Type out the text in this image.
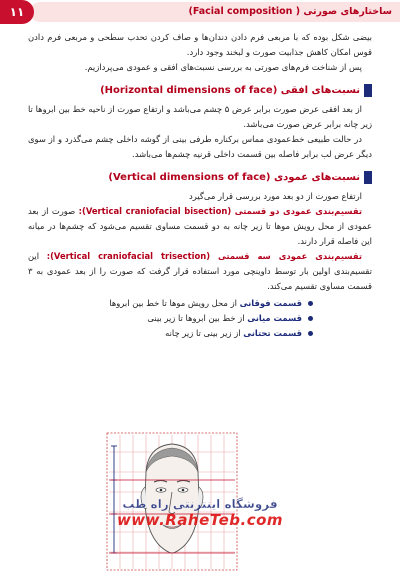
ساختارهای صورتی ( Facial composition)
۱۱

بیضی شکل بوده که با مربعی فرم دادن دندان‌ها و صاف کردن تحدب سطحی و مربعی فرم دادن قوس امکان کاهش جذابیت صورت و لبخند وجود دارد.

پس از شناخت فرم‌های صورتی به بررسی نسبت‌های افقی و عمودی می‌پردازیم.

نسبت‌های افقی (Horizontal dimensions of face)

از بعد افقی عرض صورت برابر عرض ۵ چشم می‌باشد و ارتفاع صورت از ناحیه خط بین ابروها تا زیر چانه برابر عرض صورت می‌باشد.

در حالت طبیعی خط‌عمودی مماس برکناره طرفی بینی از گوشه داخلی چشم می‌گذرد و از سوی دیگر عرض لب برابر فاصله بین قسمت داخلی قرنیه چشم‌ها می‌باشد.

نسبت‌های عمودی (Vertical dimensions of face)

ارتفاع صورت از دو بعد مورد بررسی قرار می‌گیرد

تقسیم‌بندی عمودی دو قسمتی (Vertical craniofacial bisection): صورت از بعد عمودی از محل رویش موها تا زیر چانه به دو قسمت مساوی تقسیم می‌شود که چشم‌ها در میانه این فاصله قرار دارند.

تقسیم‌بندی عمودی سه قسمتی (Vertical craniofacial trisection): این تقسیم‌بندی اولین بار توسط داوینچی مورد استفاده قرار گرفت که صورت را از بعد عمودی به ۳ قسمت مساوی تقسیم می‌کند.

قسمت فوقانی از محل رویش موها تا خط بین ابروها
قسمت میانی از خط بین ابروها تا زیر بینی
قسمت تحتانی از زیر بینی تا زیر چانه
فروشگاه اینترنتی راه طب
www.RaheTeb.com
